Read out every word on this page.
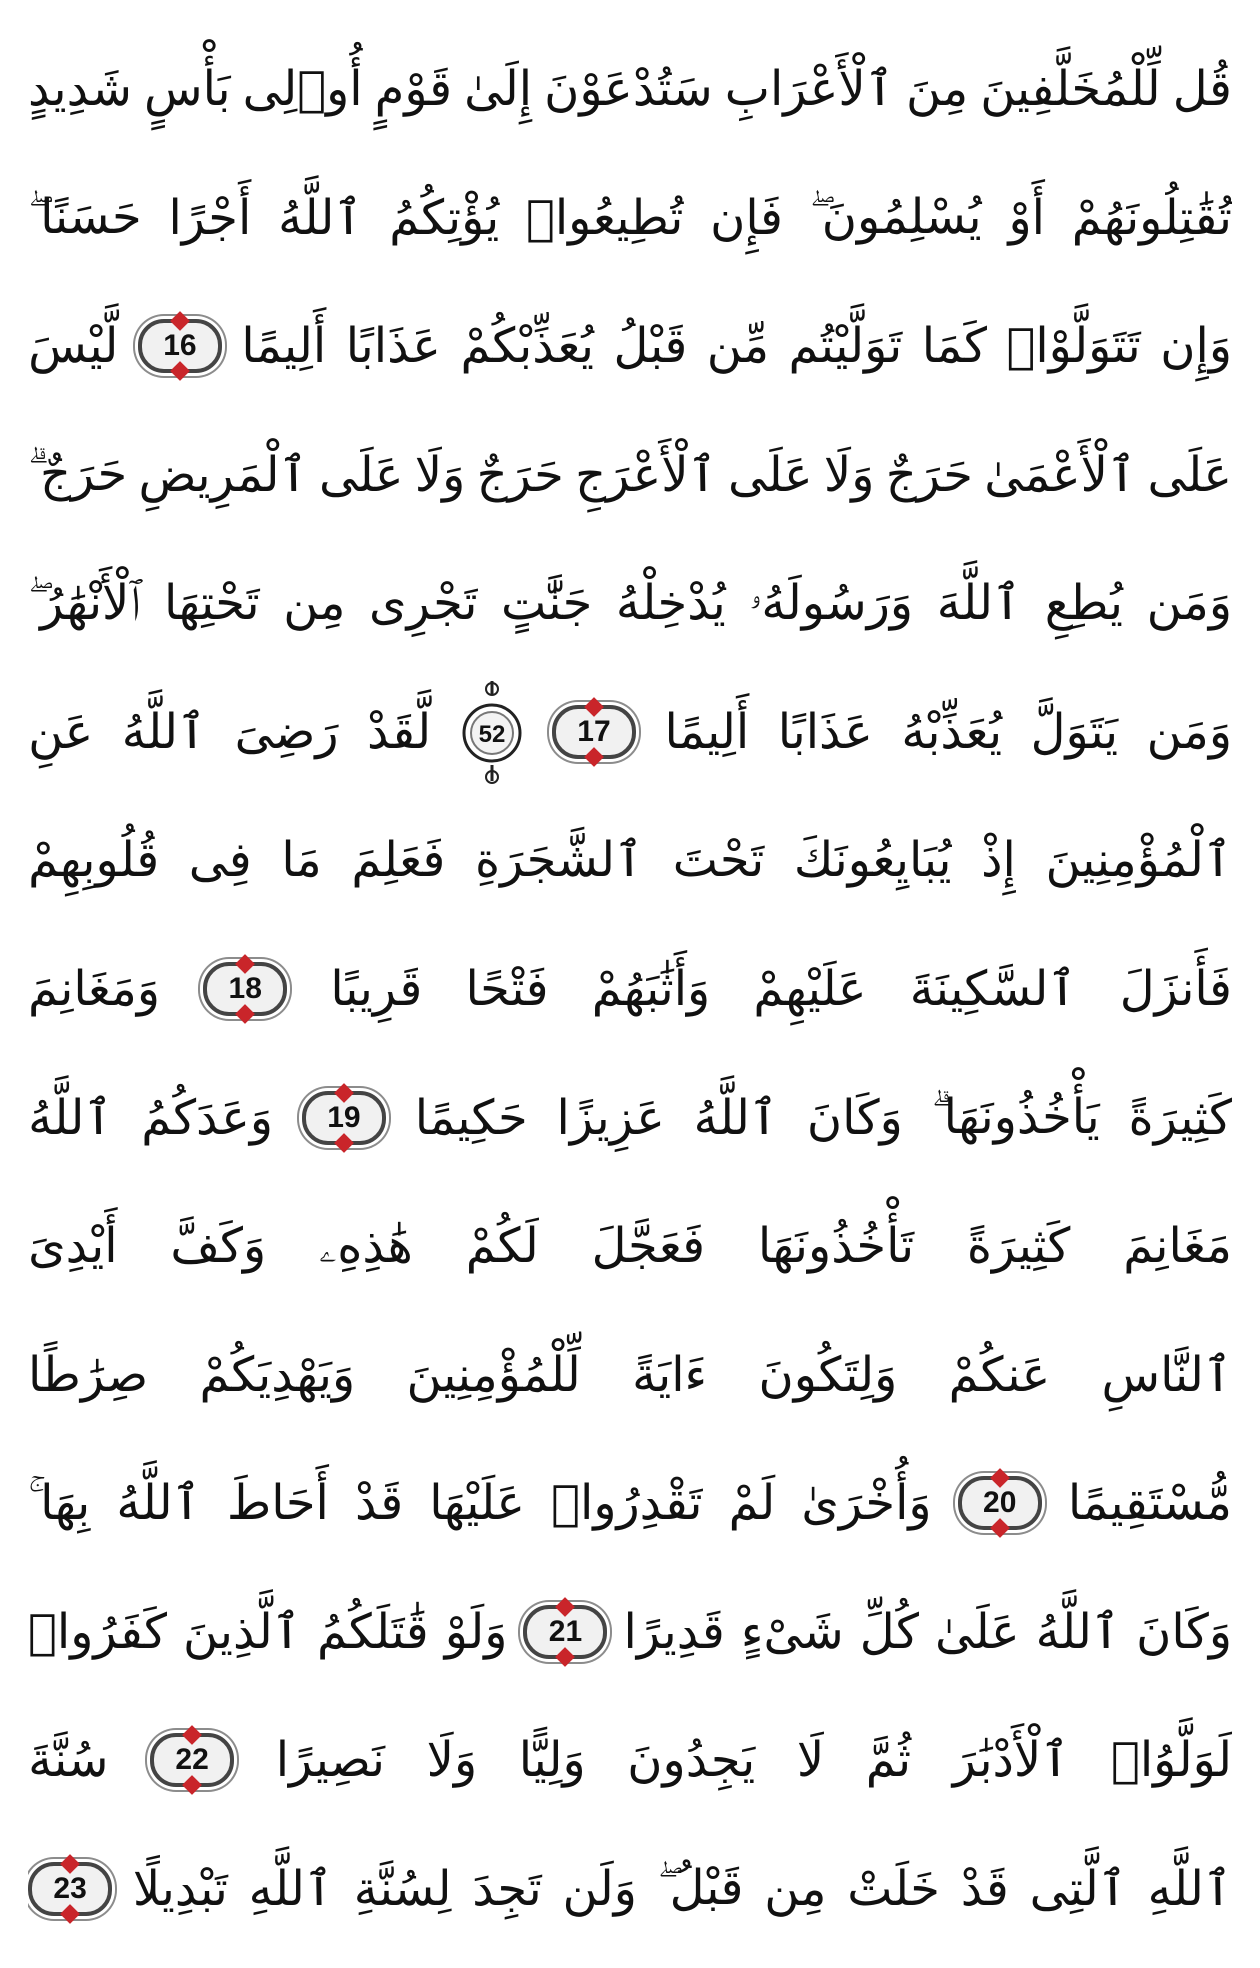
قُل
لِّلْمُخَلَّفِينَ
مِنَ
ٱلْأَعْرَابِ
سَتُدْعَوْنَ
إِلَىٰ
قَوْمٍ
أُو۟لِى
بَأْسٍ
شَدِيدٍ
تُقَٰتِلُونَهُمْ
أَوْ
يُسْلِمُونَ ۖ
فَإِن
تُطِيعُوا۟
يُؤْتِكُمُ
ٱللَّهُ
أَجْرًا
حَسَنًا ۖ
وَإِن
تَتَوَلَّوْا۟
كَمَا
تَوَلَّيْتُم
مِّن
قَبْلُ
يُعَذِّبْكُمْ
عَذَابًا
أَلِيمًا
16
لَّيْسَ
عَلَى
ٱلْأَعْمَىٰ
حَرَجٌ
وَلَا
عَلَى
ٱلْأَعْرَجِ
حَرَجٌ
وَلَا
عَلَى
ٱلْمَرِيضِ
حَرَجٌ ۗ
وَمَن
يُطِعِ
ٱللَّهَ
وَرَسُولَهُۥ
يُدْخِلْهُ
جَنَّٰتٍ
تَجْرِى
مِن
تَحْتِهَا
ٱلْأَنْهَٰرُ ۖ
وَمَن
يَتَوَلَّ
يُعَذِّبْهُ
عَذَابًا
أَلِيمًا
17
52
لَّقَدْ
رَضِىَ
ٱللَّهُ
عَنِ
ٱلْمُؤْمِنِينَ
إِذْ
يُبَايِعُونَكَ
تَحْتَ
ٱلشَّجَرَةِ
فَعَلِمَ
مَا
فِى
قُلُوبِهِمْ
فَأَنزَلَ
ٱلسَّكِينَةَ
عَلَيْهِمْ
وَأَثَٰبَهُمْ
فَتْحًا
قَرِيبًا
18
وَمَغَانِمَ
كَثِيرَةً
يَأْخُذُونَهَا ۗ
وَكَانَ
ٱللَّهُ
عَزِيزًا
حَكِيمًا
19
وَعَدَكُمُ
ٱللَّهُ
مَغَانِمَ
كَثِيرَةً
تَأْخُذُونَهَا
فَعَجَّلَ
لَكُمْ
هَٰذِهِۦ
وَكَفَّ
أَيْدِىَ
ٱلنَّاسِ
عَنكُمْ
وَلِتَكُونَ
ءَايَةً
لِّلْمُؤْمِنِينَ
وَيَهْدِيَكُمْ
صِرَٰطًا
مُّسْتَقِيمًا
20
وَأُخْرَىٰ
لَمْ
تَقْدِرُوا۟
عَلَيْهَا
قَدْ
أَحَاطَ
ٱللَّهُ
بِهَا ۚ
وَكَانَ
ٱللَّهُ
عَلَىٰ
كُلِّ
شَىْءٍ
قَدِيرًا
21
وَلَوْ
قَٰتَلَكُمُ
ٱلَّذِينَ
كَفَرُوا۟
لَوَلَّوُا۟
ٱلْأَدْبَٰرَ
ثُمَّ
لَا
يَجِدُونَ
وَلِيًّا
وَلَا
نَصِيرًا
22
سُنَّةَ
ٱللَّهِ
ٱلَّتِى
قَدْ
خَلَتْ
مِن
قَبْلُ ۖ
وَلَن
تَجِدَ
لِسُنَّةِ
ٱللَّهِ
تَبْدِيلًا
23
